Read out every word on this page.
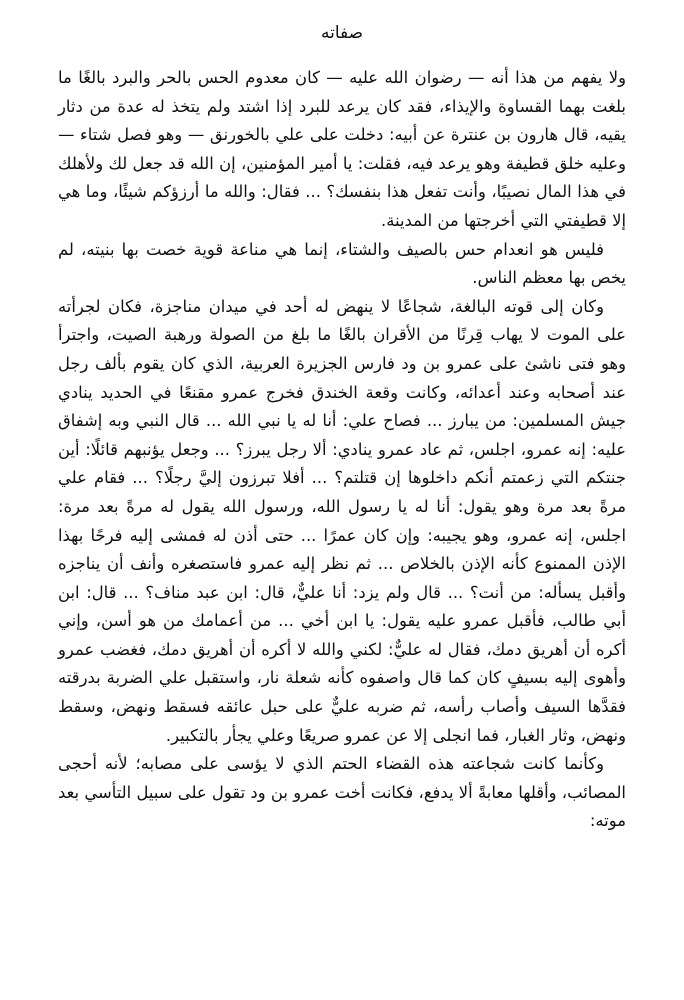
صفاته

ولا يفهم من هذا أنه — رضوان الله عليه — كان معدوم الحس بالحر والبرد بالغًا ما بلغت بهما القساوة والإيذاء، فقد كان يرعد للبرد إذا اشتد ولم يتخذ له عدة من دثار يقيه، قال هارون بن عنترة عن أبيه: دخلت على علي بالخورنق — وهو فصل شتاء — وعليه خلق قطيفة وهو يرعد فيه، فقلت: يا أمير المؤمنين، إن الله قد جعل لك ولأهلك في هذا المال نصيبًا، وأنت تفعل هذا بنفسك؟ ... فقال: والله ما أرزؤكم شيئًا، وما هي إلا قطيفتي التي أخرجتها من المدينة.

فليس هو انعدام حس بالصيف والشتاء، إنما هي مناعة قوية خصت بها بنيته، لم يخص بها معظم الناس.

وكان إلى قوته البالغة، شجاعًا لا ينهض له أحد في ميدان مناجزة، فكان لجرأته على الموت لا يهاب قِرنًا من الأقران بالغًا ما بلغ من الصولة ورهبة الصيت، واجترأ وهو فتى ناشئ على عمرو بن ود فارس الجزيرة العربية، الذي كان يقوم بألف رجل عند أصحابه وعند أعدائه، وكانت وقعة الخندق فخرج عمرو مقنعًا في الحديد ينادي جيش المسلمين: من يبارز ... فصاح علي: أنا له يا نبي الله ... قال النبي وبه إشفاق عليه: إنه عمرو، اجلس، ثم عاد عمرو ينادي: ألا رجل يبرز؟ ... وجعل يؤنبهم قائلًا: أين جنتكم التي زعمتم أنكم داخلوها إن قتلتم؟ ... أفلا تبرزون إليَّ رجلًا؟ ... فقام علي مرةً بعد مرة وهو يقول: أنا له يا رسول الله، ورسول الله يقول له مرةً بعد مرة: اجلس، إنه عمرو، وهو يجيبه: وإن كان عمرًا ... حتى أذن له فمشى إليه فرحًا بهذا الإذن الممنوع كأنه الإذن بالخلاص ... ثم نظر إليه عمرو فاستصغره وأنف أن يناجزه وأقبل يسأله: من أنت؟ ... قال ولم يزد: أنا عليٌّ، قال: ابن عبد مناف؟ ... قال: ابن أبي طالب، فأقبل عمرو عليه يقول: يا ابن أخي ... من أعمامك من هو أسن، وإني أكره أن أهريق دمك، فقال له عليٌّ: لكني والله لا أكره أن أهريق دمك، فغضب عمرو وأهوى إليه بسيفٍ كان كما قال واصفوه كأنه شعلة نار، واستقبل علي الضربة بدرقته فقدَّها السيف وأصاب رأسه، ثم ضربه عليٌّ على حبل عائقه فسقط ونهض، وسقط ونهض، وثار الغبار، فما انجلى إلا عن عمرو صريعًا وعلي يجأر بالتكبير.

وكأنما كانت شجاعته هذه القضاء الحتم الذي لا يؤسى على مصابه؛ لأنه أحجى المصائب، وأقلها معابةً ألا يدفع، فكانت أخت عمرو بن ود تقول على سبيل التأسي بعد موته:
